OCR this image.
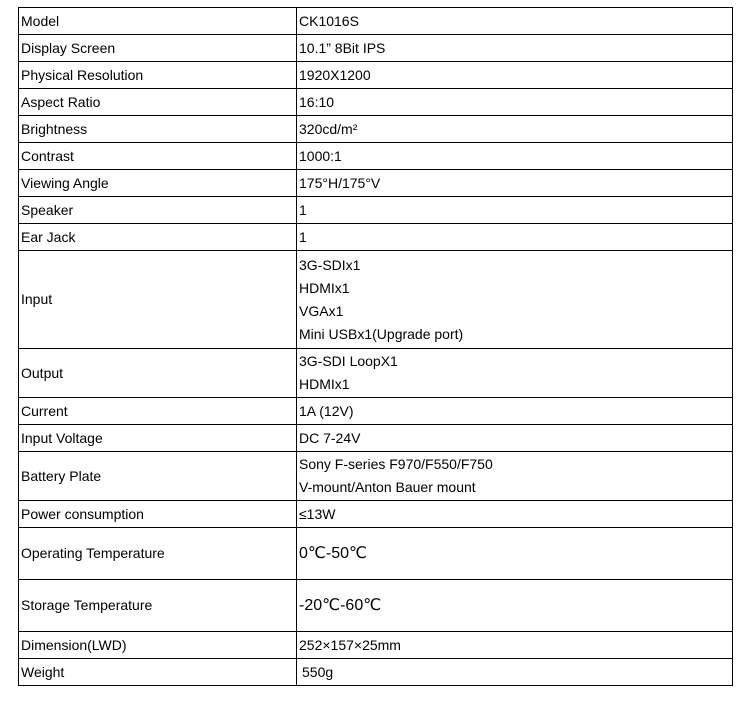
Model	CK1016S

Display Screen	10.1” 8Bit IPS

Physical Resolution	1920X1200

Aspect Ratio	16:10

Brightness	320cd/m²

Contrast	1000:1

Viewing Angle	175°H/175°V

Speaker	1

Ear Jack	1

Input	3G-SDIx1
HDMIx1
VGAx1
Mini USBx1(Upgrade port)

Output	3G-SDI LoopX1
HDMIx1

Current	1A (12V)

Input Voltage	DC 7-24V

Battery Plate	Sony F-series F970/F550/F750
V-mount/Anton Bauer mount

Power consumption	≤13W

Operating Temperature	0℃-50℃

Storage Temperature	-20℃-60℃

Dimension(LWD)	252×157×25mm

Weight	550g
